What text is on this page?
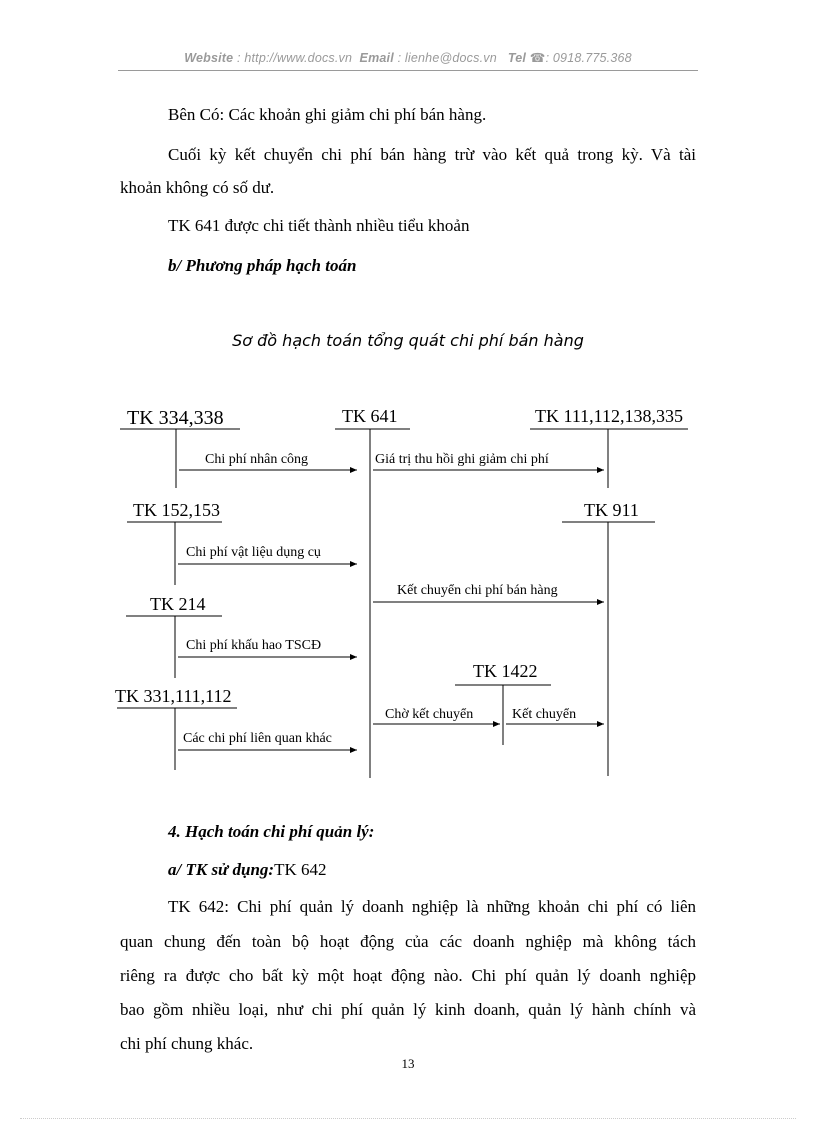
Website : http://www.docs.vn Email : lienhe@docs.vn Tel ☎: 0918.775.368
Bên Có: Các khoản ghi giảm chi phí bán hàng.
Cuối kỳ kết chuyển chi phí bán hàng trừ vào kết quả trong kỳ. Và tài
khoản không có số dư.
TK 641 được chi tiết thành nhiều tiểu khoản
b/ Phương pháp hạch toán
Sơ đồ hạch toán tổng quát chi phí bán hàng
TK 334,338	TK 641	TK 111,112,138,335
TK 152,153	TK 911
TK 214
TK 1422
TK 331,111,112
Chi phí nhân công	Giá trị thu hồi ghi giảm chi phí
Chi phí vật liệu dụng cụ
Kết chuyển chi phí bán hàng
Chi phí khấu hao TSCĐ
Chờ kết chuyển	Kết chuyển
Các chi phí liên quan khác
4. Hạch toán chi phí quản lý:
a/ TK sử dụng:TK 642
TK 642: Chi phí quản lý doanh nghiệp là những khoản chi phí có liên
quan chung đến toàn bộ hoạt động của các doanh nghiệp mà không tách
riêng ra được cho bất kỳ một hoạt động nào. Chi phí quản lý doanh nghiệp
bao gồm nhiều loại, như chi phí quản lý kinh doanh, quản lý hành chính và
chi phí chung khác.
13
